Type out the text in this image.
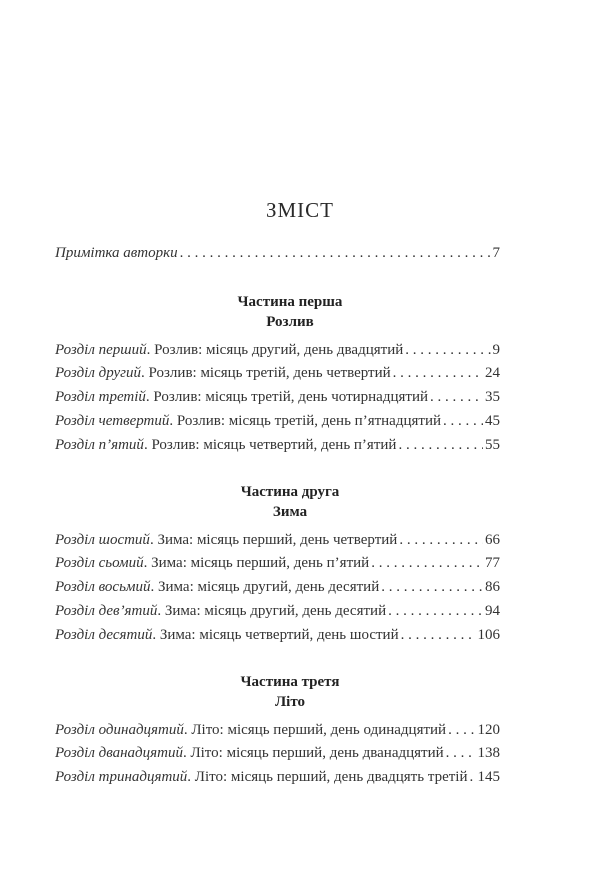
ЗМІСТ
Примітка авторки . . .	7
Частина перша
Розлив
Розділ перший. Розлив: місяць другий, день двадцятий . . .	9
Розділ другий. Розлив: місяць третій, день четвертий . . .	24
Розділ третій. Розлив: місяць третій, день чотирнадцятий . . .	35
Розділ четвертий. Розлив: місяць третій, день п’ятнадцятий . . .	45
Розділ п’ятий. Розлив: місяць четвертий, день п’ятий . . .	55
Частина друга
Зима
Розділ шостий. Зима: місяць перший, день четвертий . . .	66
Розділ сьомий. Зима: місяць перший, день п’ятий . . .	77
Розділ восьмий. Зима: місяць другий, день десятий . . .	86
Розділ дев’ятий. Зима: місяць другий, день десятий . . .	94
Розділ десятий. Зима: місяць четвертий, день шостий . . .	106
Частина третя
Літо
Розділ одинадцятий. Літо: місяць перший, день одинадцятий . . . 120
Розділ дванадцятий. Літо: місяць перший, день дванадцятий . . . 138
Розділ тринадцятий. Літо: місяць перший, день двадцять третій . . . 145
